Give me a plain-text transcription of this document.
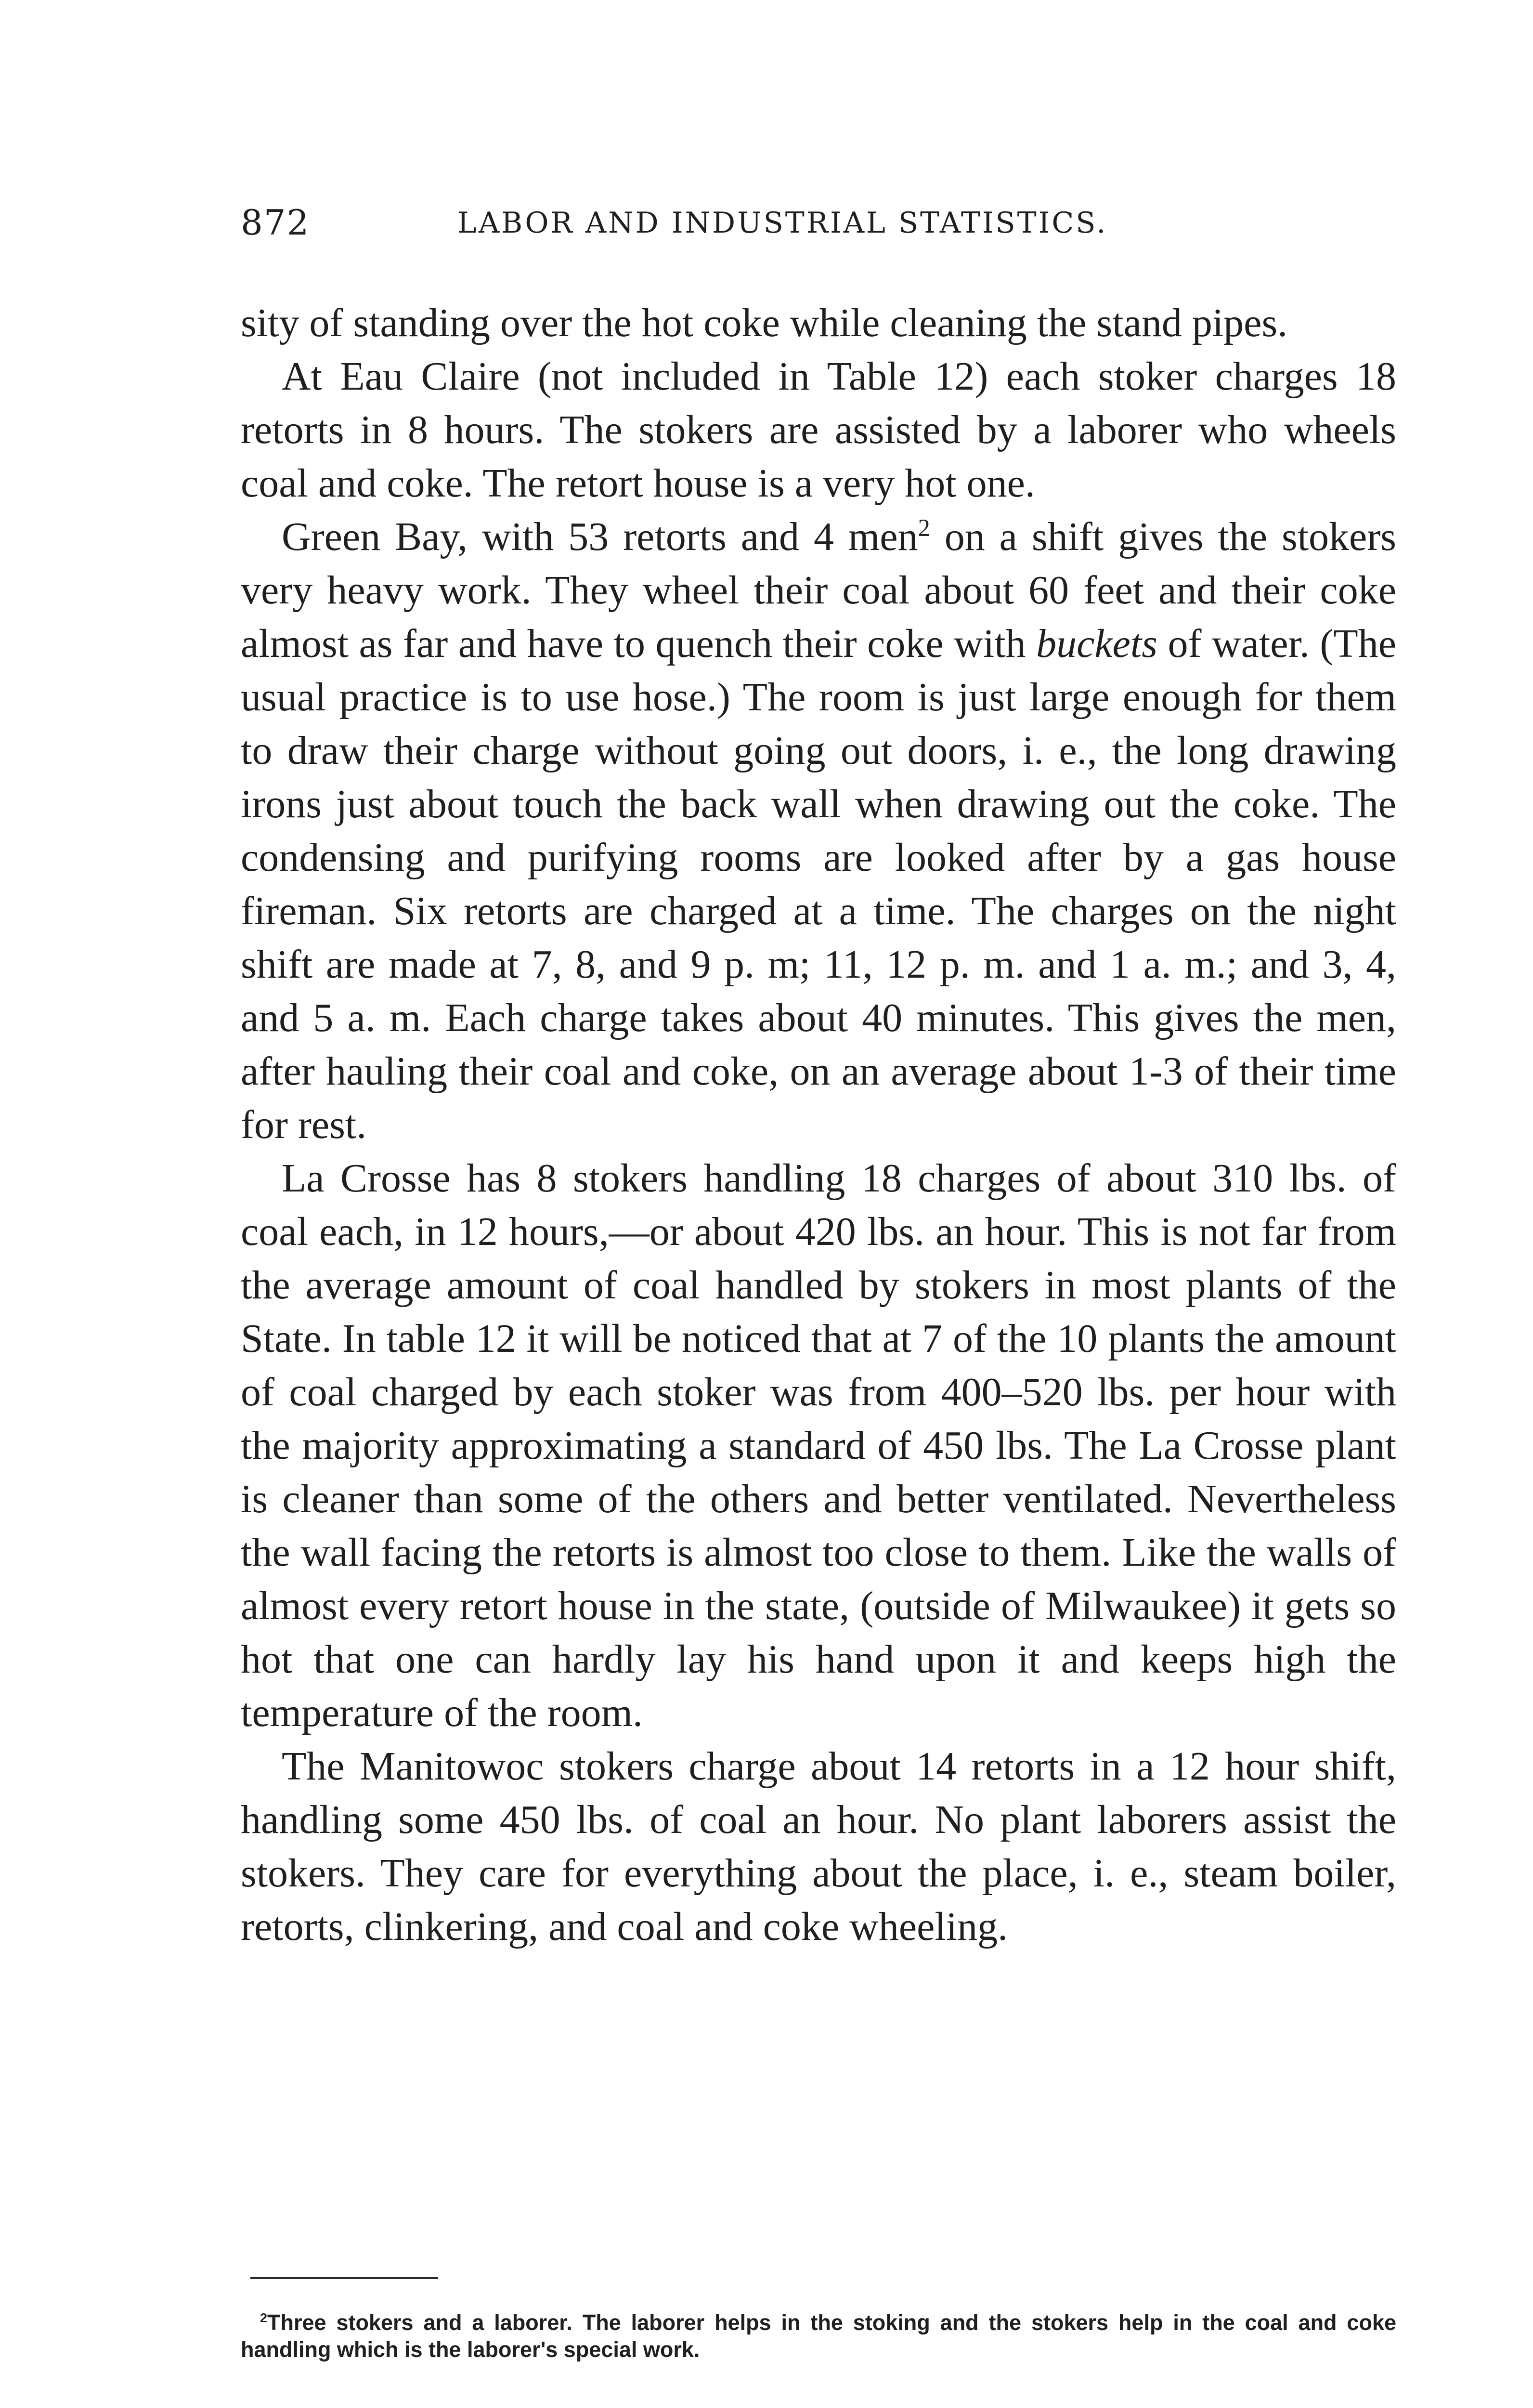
872	LABOR AND INDUSTRIAL STATISTICS.

sity of standing over the hot coke while cleaning the stand pipes.

At Eau Claire (not included in Table 12) each stoker charges 18 retorts in 8 hours. The stokers are assisted by a laborer who wheels coal and coke. The retort house is a very hot one.

Green Bay, with 53 retorts and 4 men$^2$ on a shift gives the stokers very heavy work. They wheel their coal about 60 feet and their coke almost as far and have to quench their coke with buckets of water. (The usual practice is to use hose.) The room is just large enough for them to draw their charge without going out doors, i. e., the long drawing irons just about touch the back wall when drawing out the coke. The condensing and purifying rooms are looked after by a gas house fireman. Six retorts are charged at a time. The charges on the night shift are made at 7, 8, and 9 p. m; 11, 12 p. m. and 1 a. m.; and 3, 4, and 5 a. m. Each charge takes about 40 minutes. This gives the men, after hauling their coal and coke, on an average about 1-3 of their time for rest.

La Crosse has 8 stokers handling 18 charges of about 310 lbs. of coal each, in 12 hours,—or about 420 lbs. an hour. This is not far from the average amount of coal handled by stokers in most plants of the State. In table 12 it will be noticed that at 7 of the 10 plants the amount of coal charged by each stoker was from 400–520 lbs. per hour with the majority approximating a standard of 450 lbs. The La Crosse plant is cleaner than some of the others and better ventilated. Nevertheless the wall facing the retorts is almost too close to them. Like the walls of almost every retort house in the state, (outside of Milwaukee) it gets so hot that one can hardly lay his hand upon it and keeps high the temperature of the room.

The Manitowoc stokers charge about 14 retorts in a 12 hour shift, handling some 450 lbs. of coal an hour. No plant laborers assist the stokers. They care for everything about the place, i. e., steam boiler, retorts, clinkering, and coal and coke wheeling.

$^2$Three stokers and a laborer. The laborer helps in the stoking and the stokers help in the coal and coke handling which is the laborer's special work.
